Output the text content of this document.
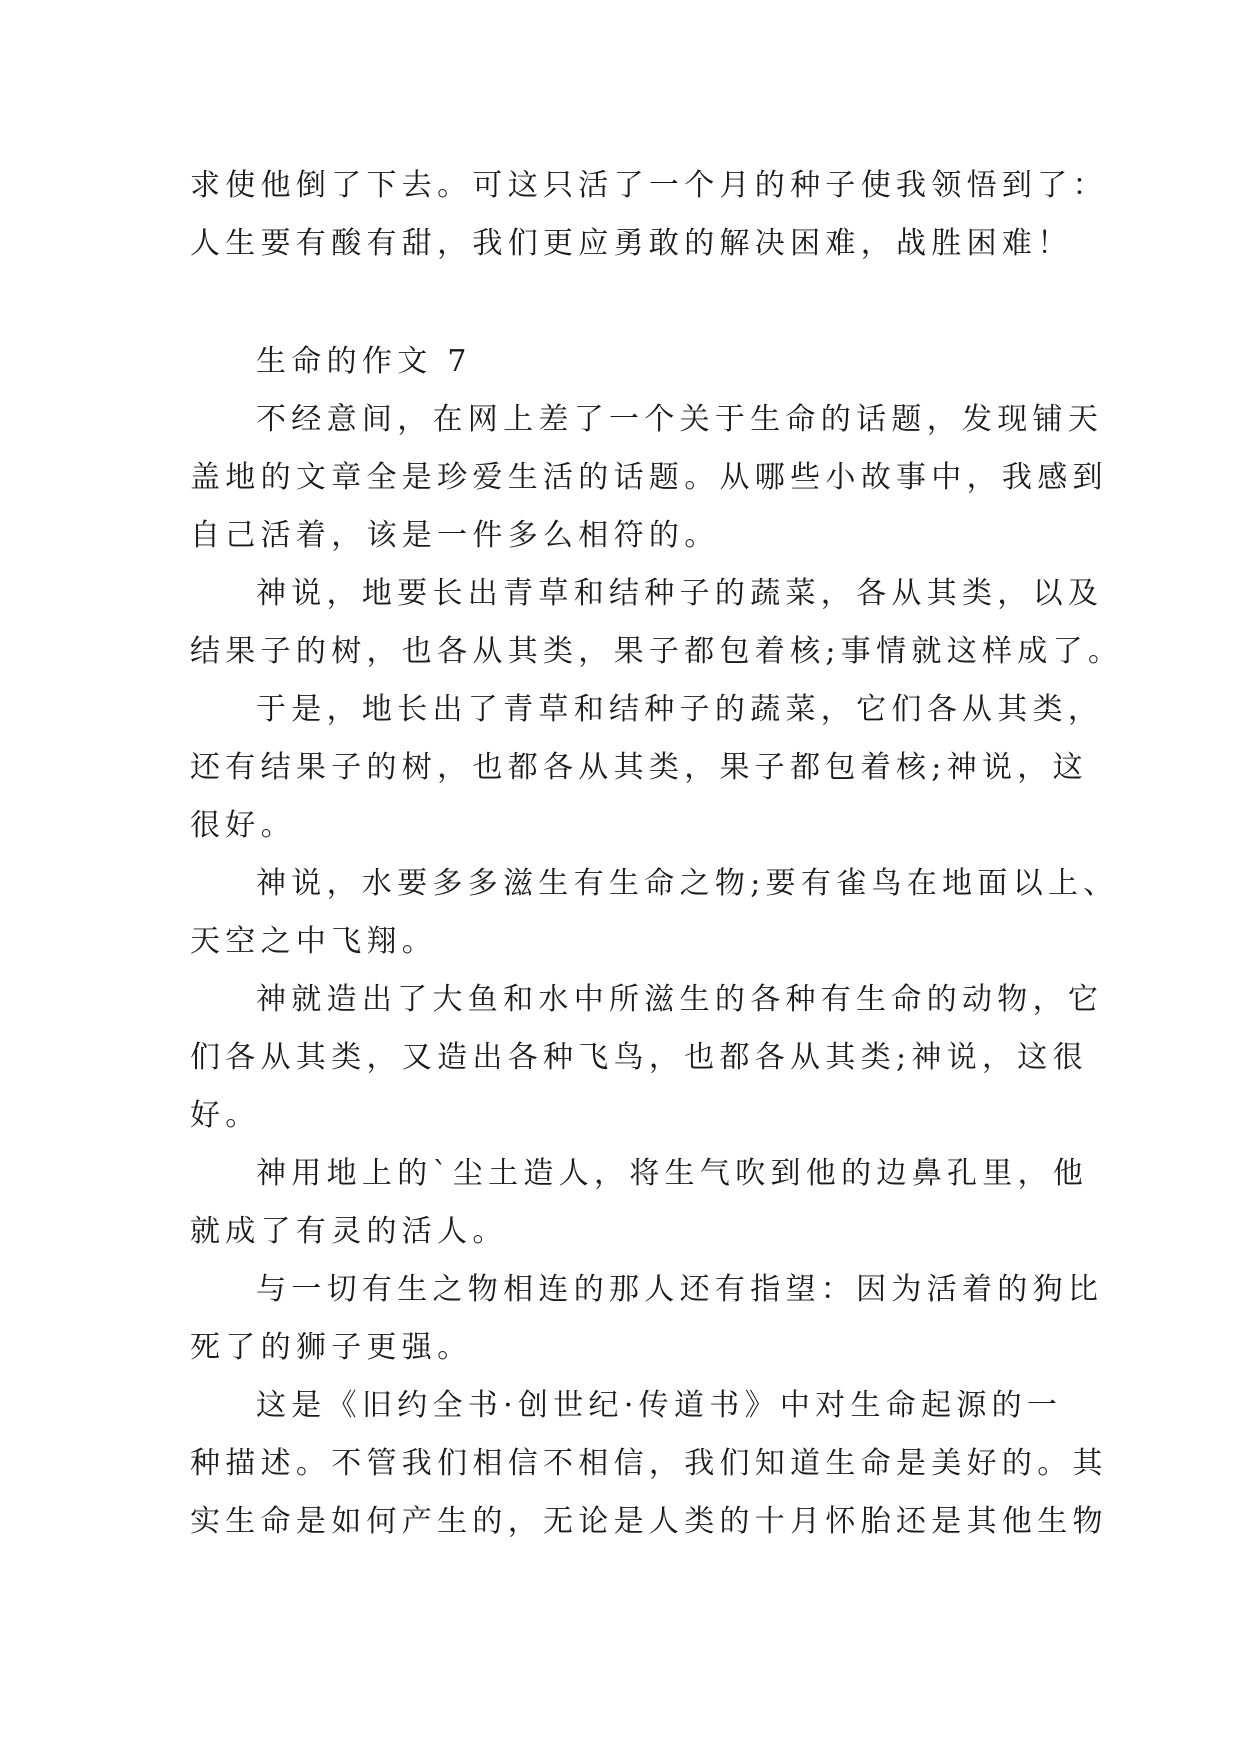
求使他倒了下去。可这只活了一个月的种子使我领悟到了：
人生要有酸有甜，我们更应勇敢的解决困难，战胜困难！
生命的作文 7
不经意间，在网上差了一个关于生命的话题，发现铺天
盖地的文章全是珍爱生活的话题。从哪些小故事中，我感到
自己活着，该是一件多么相符的。
神说，地要长出青草和结种子的蔬菜，各从其类，以及
结果子的树，也各从其类，果子都包着核;事情就这样成了。
于是，地长出了青草和结种子的蔬菜，它们各从其类，
还有结果子的树，也都各从其类，果子都包着核;神说，这
很好。
神说，水要多多滋生有生命之物;要有雀鸟在地面以上、
天空之中飞翔。
神就造出了大鱼和水中所滋生的各种有生命的动物，它
们各从其类，又造出各种飞鸟，也都各从其类;神说，这很
好。
神用地上的`尘土造人，将生气吹到他的边鼻孔里，他
就成了有灵的活人。
与一切有生之物相连的那人还有指望：因为活着的狗比
死了的狮子更强。
这是《旧约全书·创世纪·传道书》中对生命起源的一
种描述。不管我们相信不相信，我们知道生命是美好的。其
实生命是如何产生的，无论是人类的十月怀胎还是其他生物
